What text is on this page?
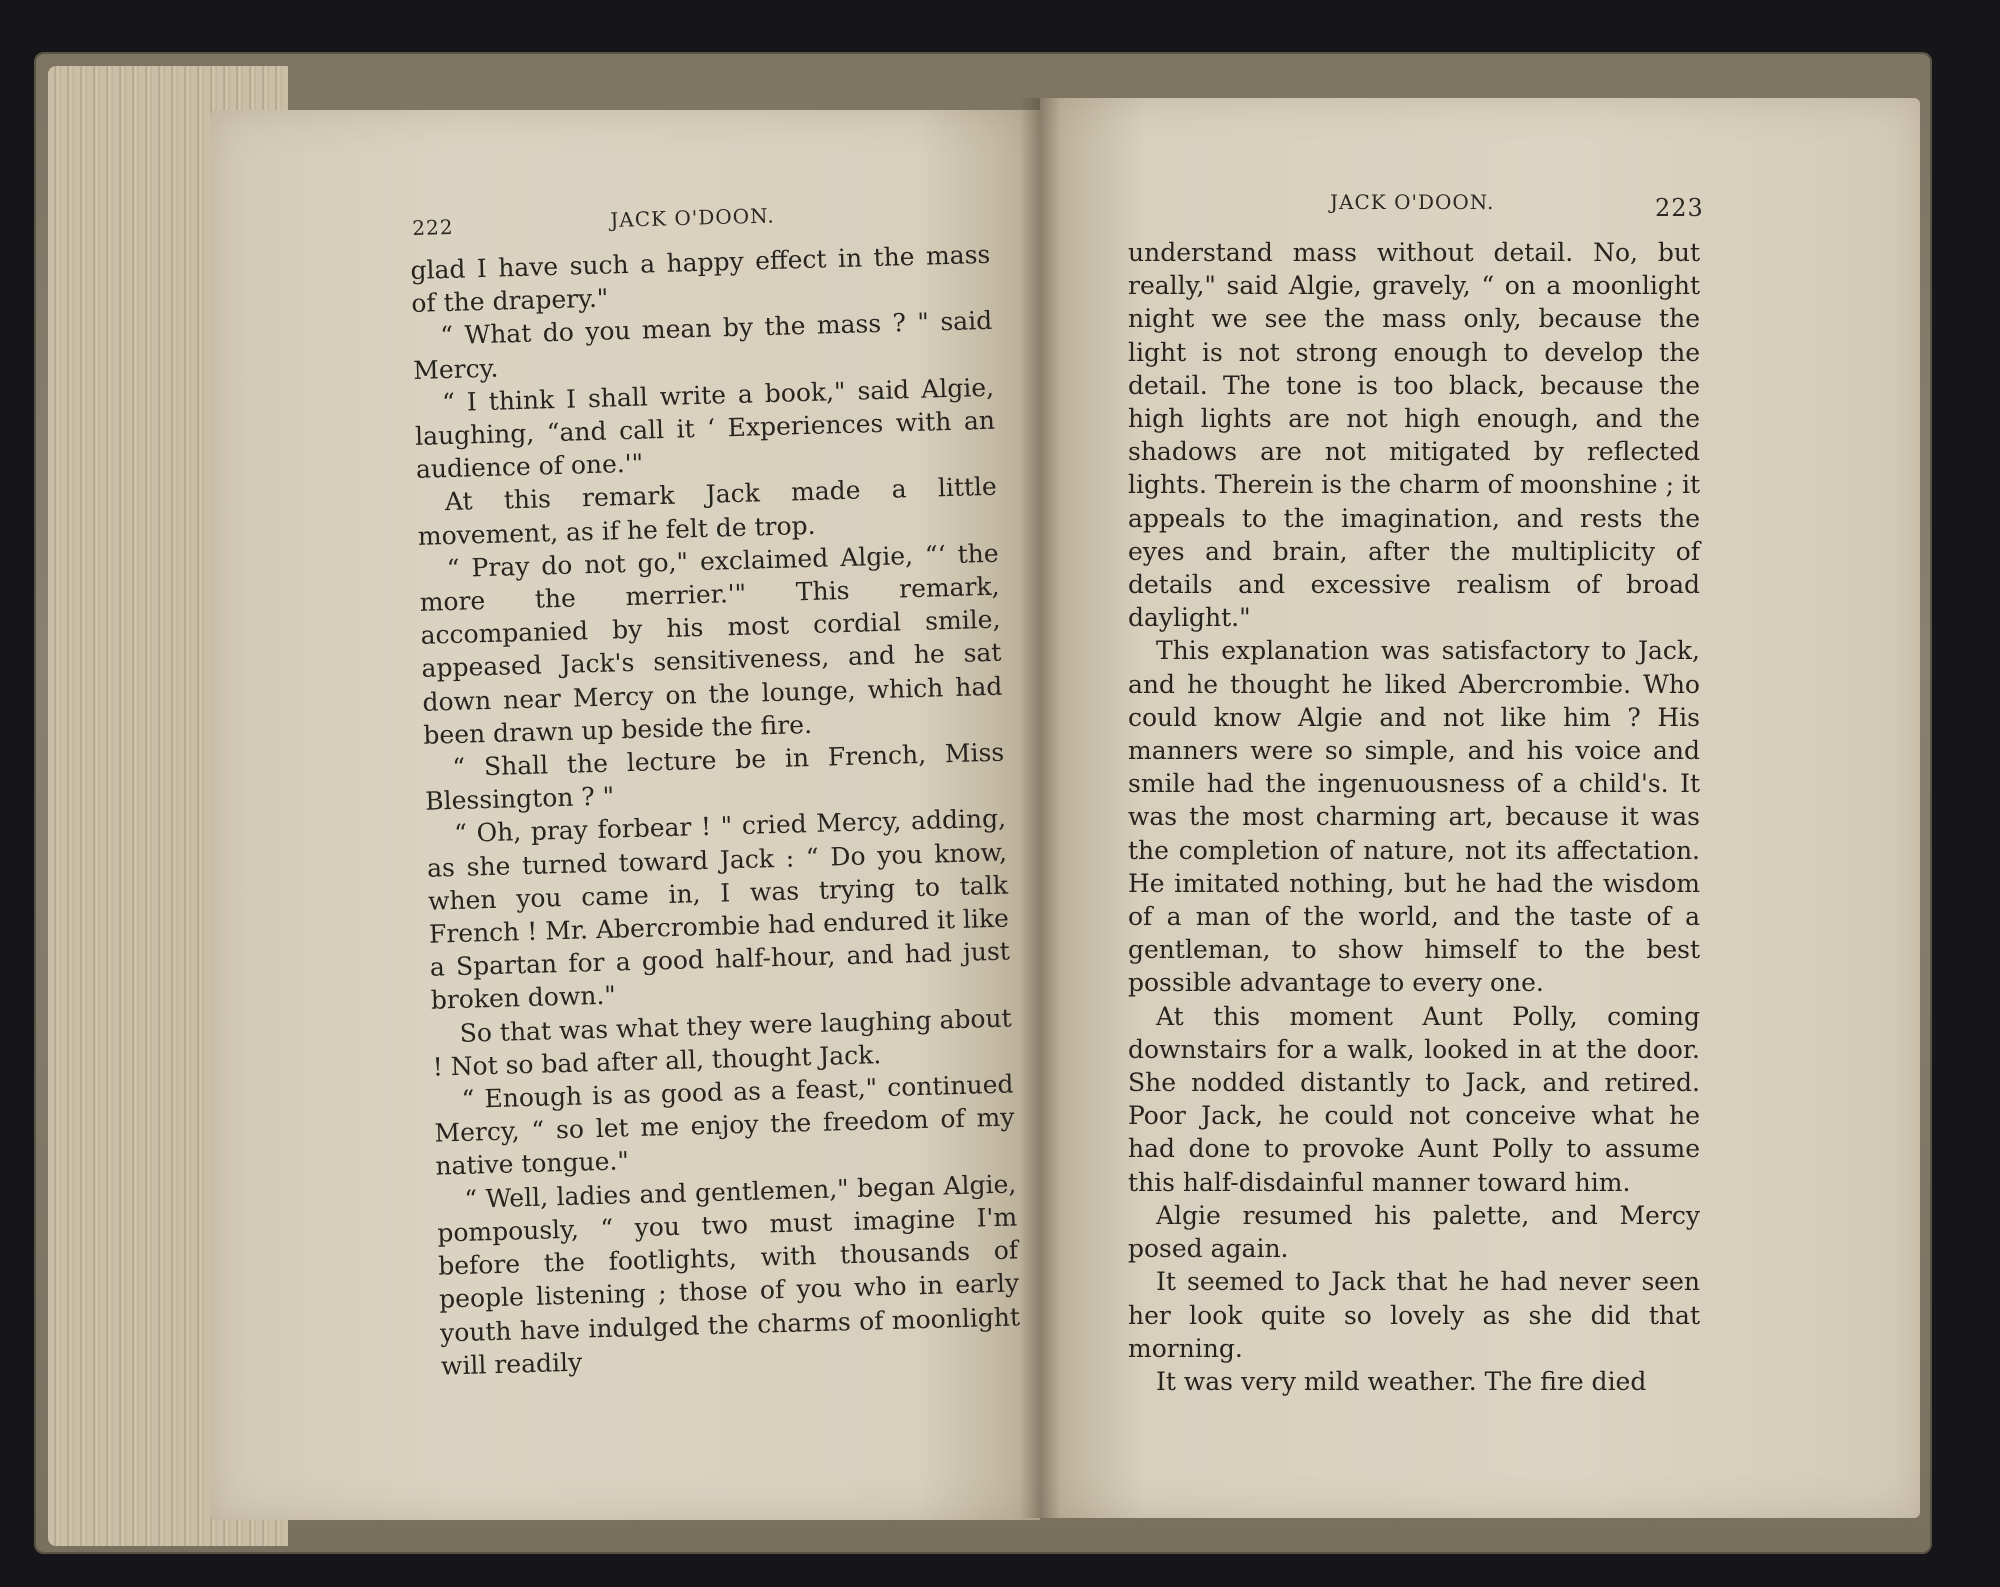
222	JACK O'DOON.
JACK O'DOON.	223

glad I have such a happy effect in the mass of the drapery."

“ What do you mean by the mass ? " said Mercy.

“ I think I shall write a book," said Algie, laughing, “and call it ‘ Experiences with an audience of one.'"

At this remark Jack made a little movement, as if he felt de trop.

“ Pray do not go," exclaimed Algie, “‘ the more the merrier.'" This remark, accompanied by his most cordial smile, appeased Jack's sensitiveness, and he sat down near Mercy on the lounge, which had been drawn up beside the fire.

“ Shall the lecture be in French, Miss Blessington ? "

“ Oh, pray forbear ! " cried Mercy, adding, as she turned toward Jack : “ Do you know, when you came in, I was trying to talk French ! Mr. Abercrombie had endured it like a Spartan for a good half-hour, and had just broken down."

So that was what they were laughing about ! Not so bad after all, thought Jack.

“ Enough is as good as a feast," continued Mercy, “ so let me enjoy the freedom of my native tongue."

“ Well, ladies and gentlemen," began Algie, pompously, “ you two must imagine I'm before the footlights, with thousands of people listening ; those of you who in early youth have indulged the charms of moonlight will readily

understand mass without detail. No, but really," said Algie, gravely, “ on a moonlight night we see the mass only, because the light is not strong enough to develop the detail. The tone is too black, because the high lights are not high enough, and the shadows are not mitigated by reflected lights. Therein is the charm of moonshine ; it appeals to the imagination, and rests the eyes and brain, after the multiplicity of details and excessive realism of broad daylight."

This explanation was satisfactory to Jack, and he thought he liked Abercrombie. Who could know Algie and not like him ? His manners were so simple, and his voice and smile had the ingenuousness of a child's. It was the most charming art, because it was the completion of nature, not its affectation. He imitated nothing, but he had the wisdom of a man of the world, and the taste of a gentleman, to show himself to the best possible advantage to every one.

At this moment Aunt Polly, coming downstairs for a walk, looked in at the door. She nodded distantly to Jack, and retired. Poor Jack, he could not conceive what he had done to provoke Aunt Polly to assume this half-disdainful manner toward him.

Algie resumed his palette, and Mercy posed again.

It seemed to Jack that he had never seen her look quite so lovely as she did that morning.

It was very mild weather. The fire died
